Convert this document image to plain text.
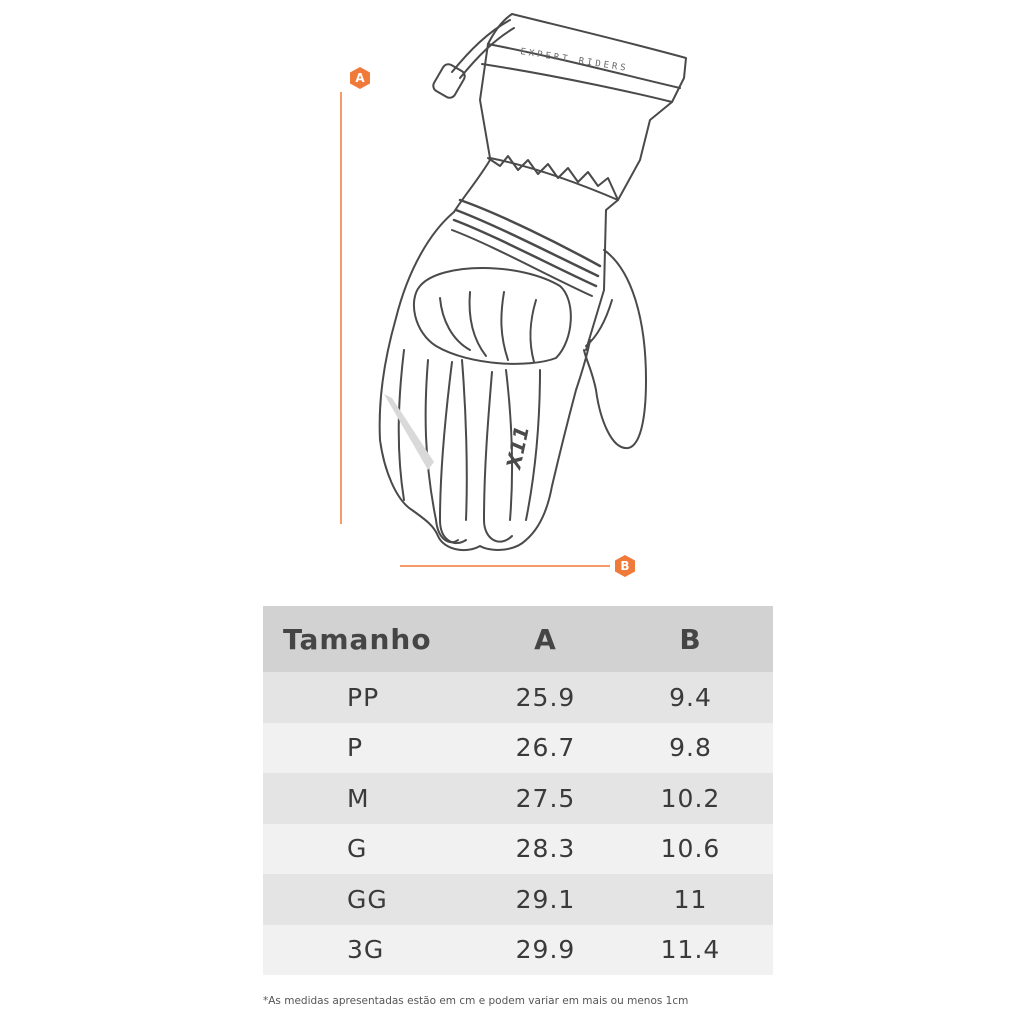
EXPERT RIDERS
X11
A
B
Tamanho	A	B
PP	25.9	9.4
P	26.7	9.8
M	27.5	10.2
G	28.3	10.6
GG	29.1	11
3G	29.9	11.4
*As medidas apresentadas estão em cm e podem variar em mais ou menos 1cm
